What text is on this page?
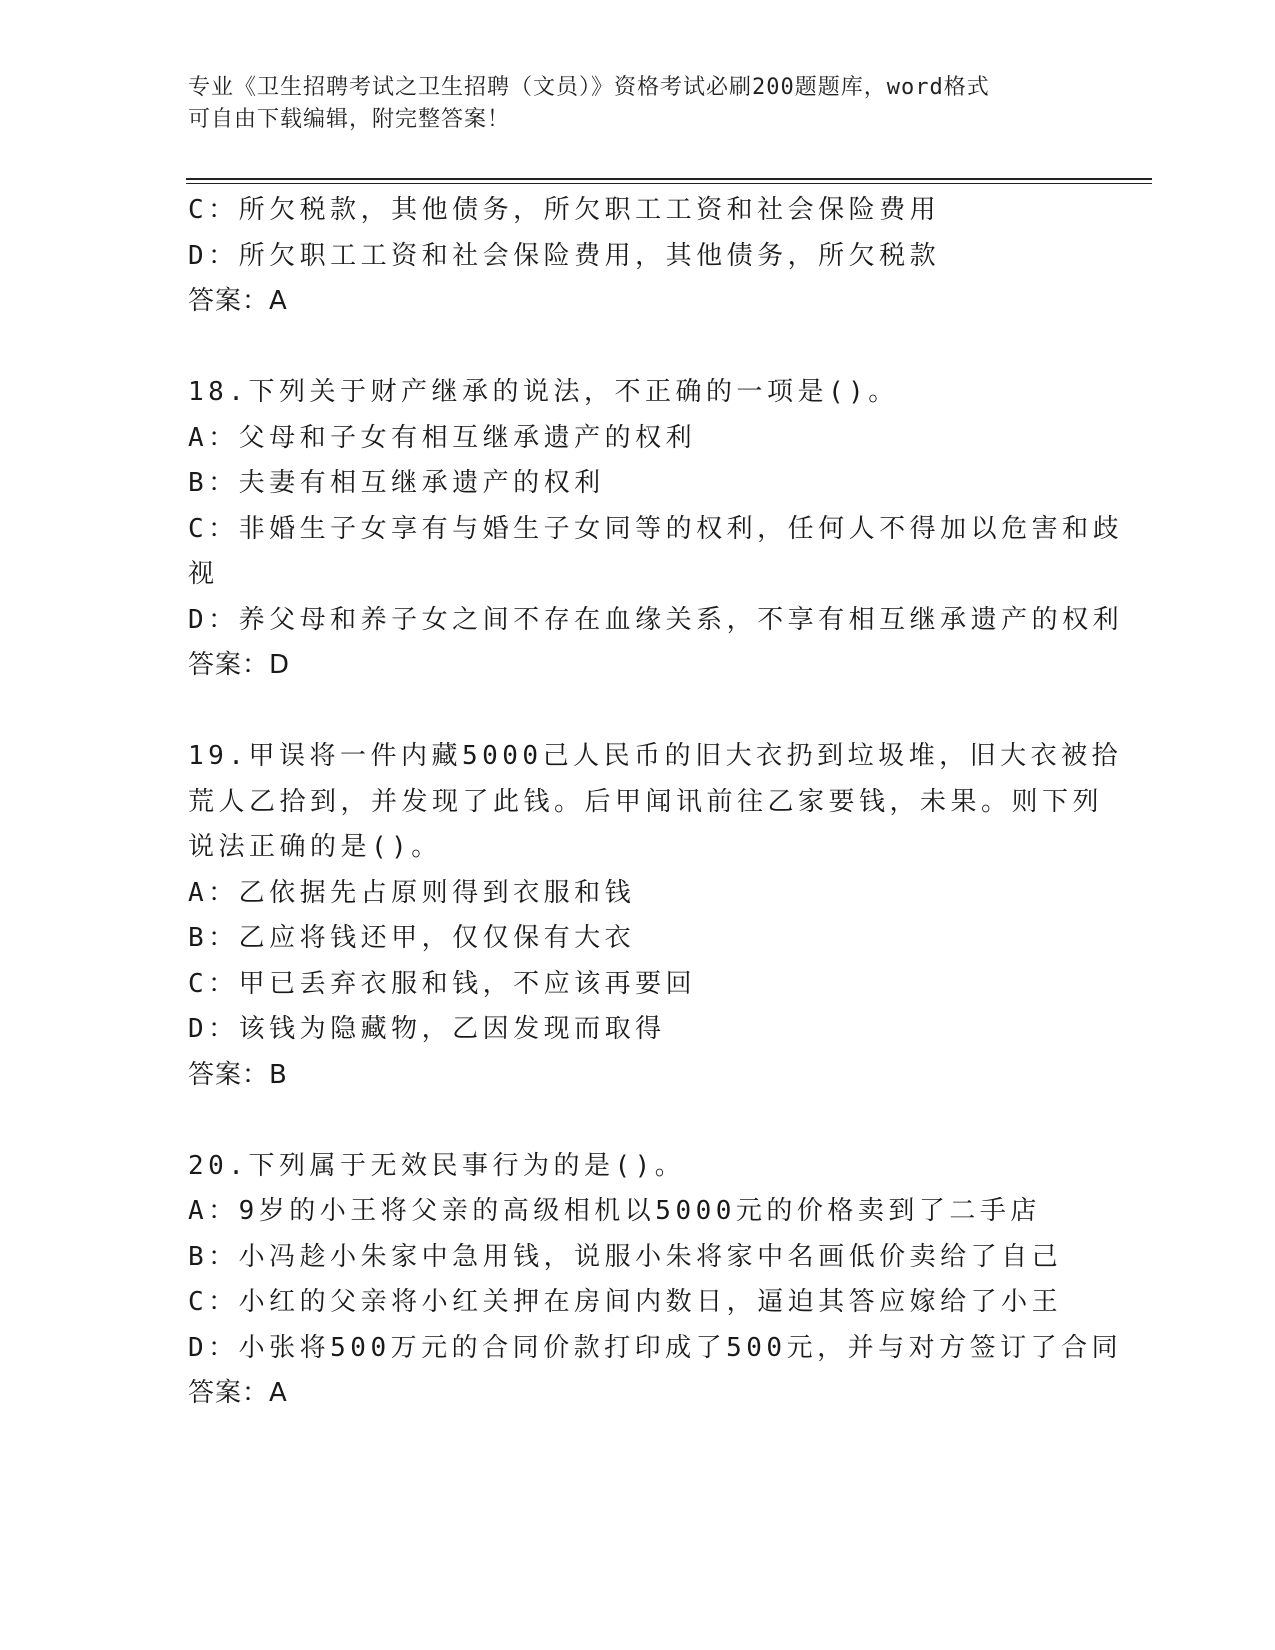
专业《卫生招聘考试之卫生招聘（文员）》资格考试必刷200题题库，word格式
可自由下载编辑，附完整答案！
C：所欠税款，其他债务，所欠职工工资和社会保险费用
D：所欠职工工资和社会保险费用，其他债务，所欠税款
答案：A
18.下列关于财产继承的说法，不正确的一项是()。
A：父母和子女有相互继承遗产的权利
B：夫妻有相互继承遗产的权利
C：非婚生子女享有与婚生子女同等的权利，任何人不得加以危害和歧
视
D：养父母和养子女之间不存在血缘关系，不享有相互继承遗产的权利
答案：D
19.甲误将一件内藏5000己人民币的旧大衣扔到垃圾堆，旧大衣被拾
荒人乙拾到，并发现了此钱。后甲闻讯前往乙家要钱，未果。则下列
说法正确的是()。
A：乙依据先占原则得到衣服和钱
B：乙应将钱还甲，仅仅保有大衣
C：甲已丢弃衣服和钱，不应该再要回
D：该钱为隐藏物，乙因发现而取得
答案：B
20.下列属于无效民事行为的是()。
A：9岁的小王将父亲的高级相机以5000元的价格卖到了二手店
B：小冯趁小朱家中急用钱，说服小朱将家中名画低价卖给了自己
C：小红的父亲将小红关押在房间内数日，逼迫其答应嫁给了小王
D：小张将500万元的合同价款打印成了500元，并与对方签订了合同
答案：A
